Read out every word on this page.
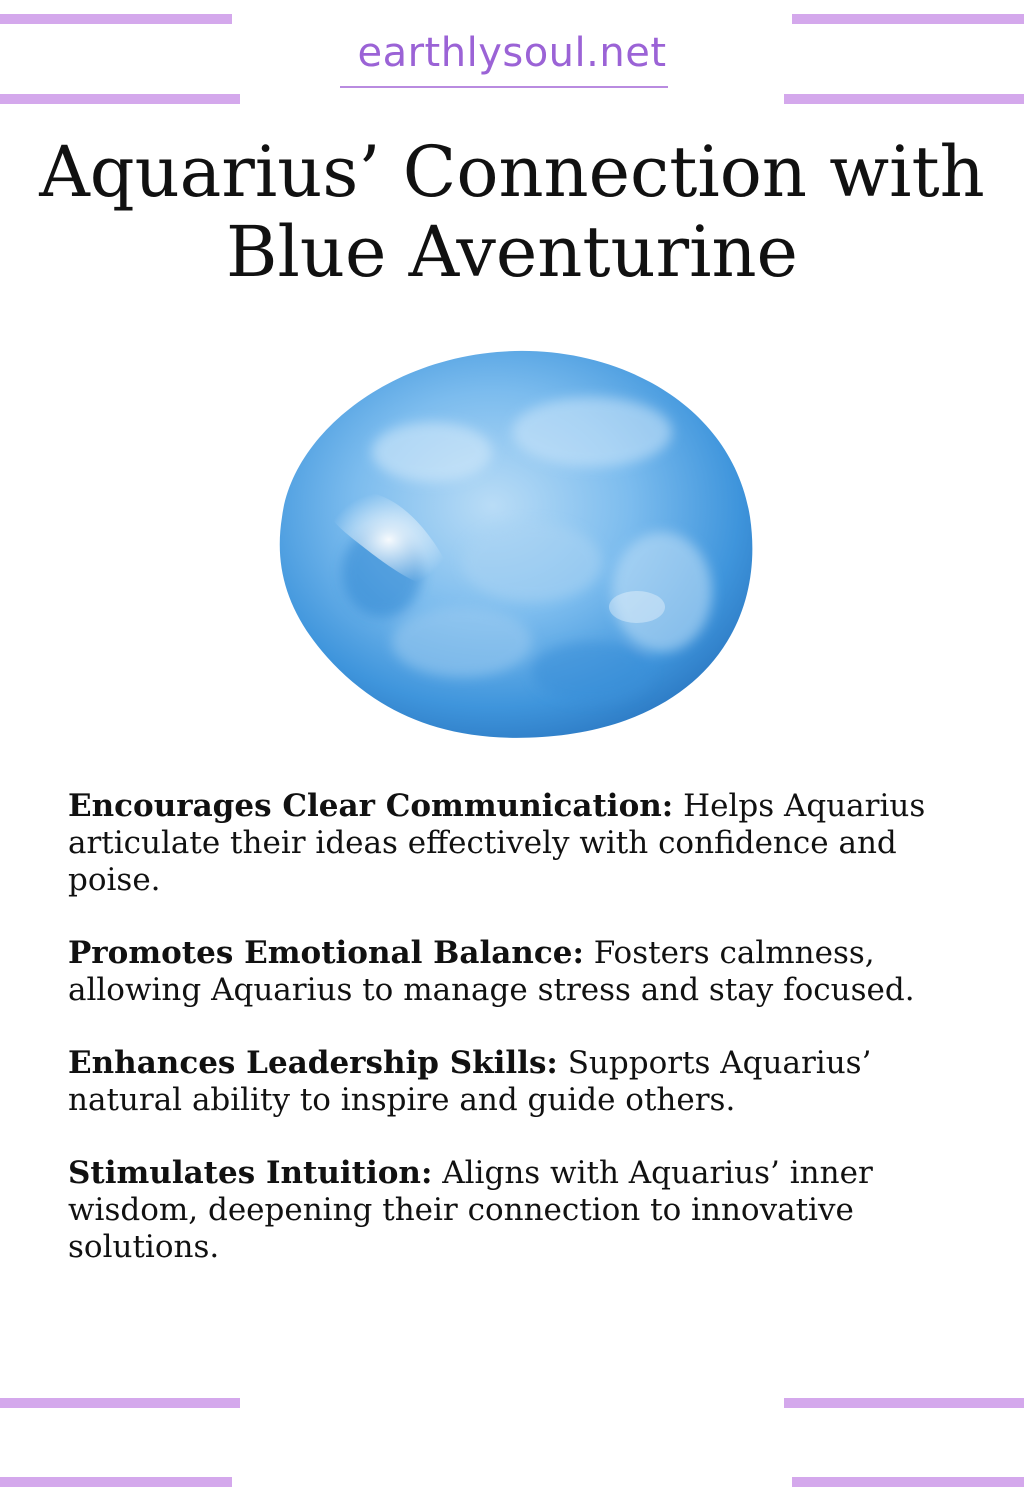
earthlysoul.net
Aquarius’ Connection with
Blue Aventurine

Encourages Clear Communication: Helps Aquarius articulate their ideas effectively with confidence and poise.

Promotes Emotional Balance: Fosters calmness, allowing Aquarius to manage stress and stay focused.

Enhances Leadership Skills: Supports Aquarius’ natural ability to inspire and guide others.

Stimulates Intuition: Aligns with Aquarius’ inner wisdom, deepening their connection to innovative solutions.
